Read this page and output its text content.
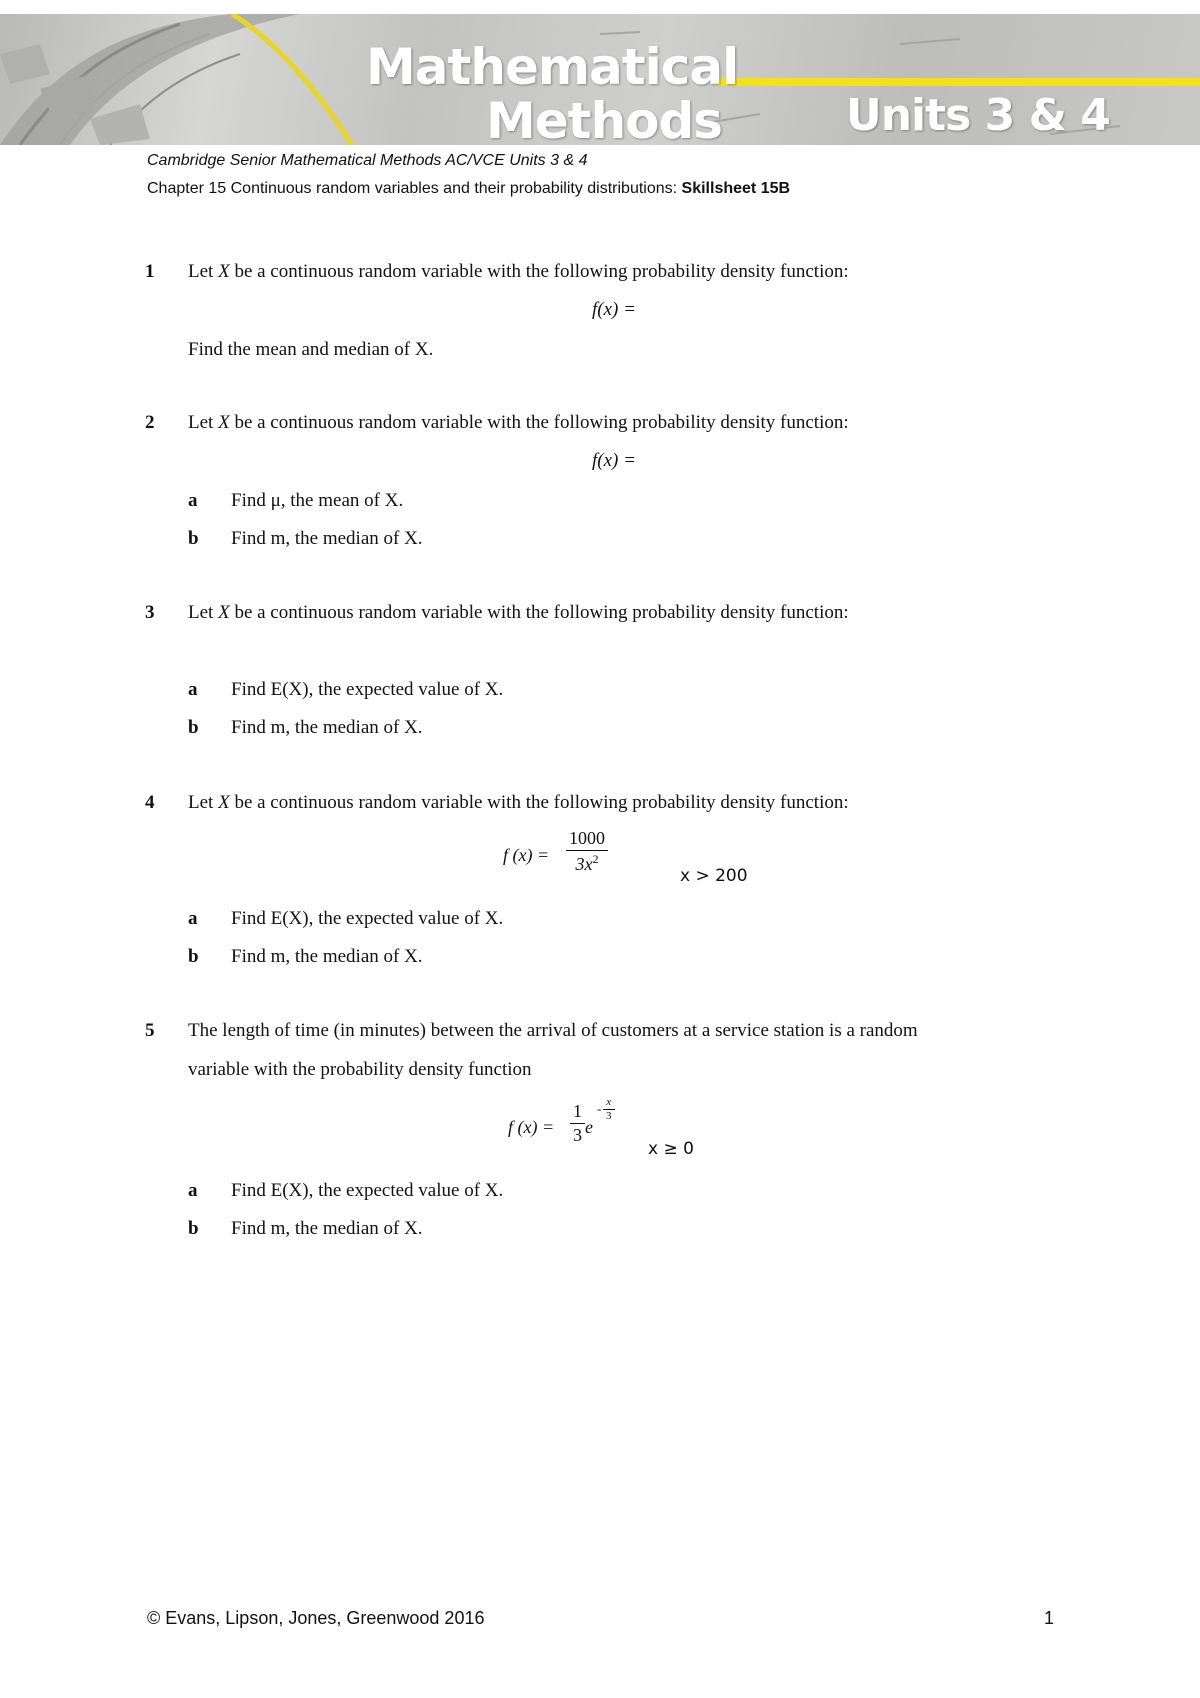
Mathematical
Methods	Units 3 & 4
Cambridge Senior Mathematical Methods AC/VCE Units 3 & 4
Chapter 15 Continuous random variables and their probability distributions: Skillsheet 15B
1 Let X be a continuous random variable with the following probability density function:
f(x) =
Find the mean and median of X.
2 Let X be a continuous random variable with the following probability density function:
f(x) =
a Find μ, the mean of X.
b Find m, the median of X.
3 Let X be a continuous random variable with the following probability density function:
a Find E(X), the expected value of X.
b Find m, the median of X.
4 Let X be a continuous random variable with the following probability density function:
f (x) =
1000
$3x^2$
x > 200
a Find E(X), the expected value of X.
b Find m, the median of X.
5 The length of time (in minutes) between the arrival of customers at a service station is a random
variable with the probability density function
f (x) =
1
3 e
- x
3
x ≥ 0
a Find E(X), the expected value of X.
b Find m, the median of X.
© Evans, Lipson, Jones, Greenwood 2016	1
